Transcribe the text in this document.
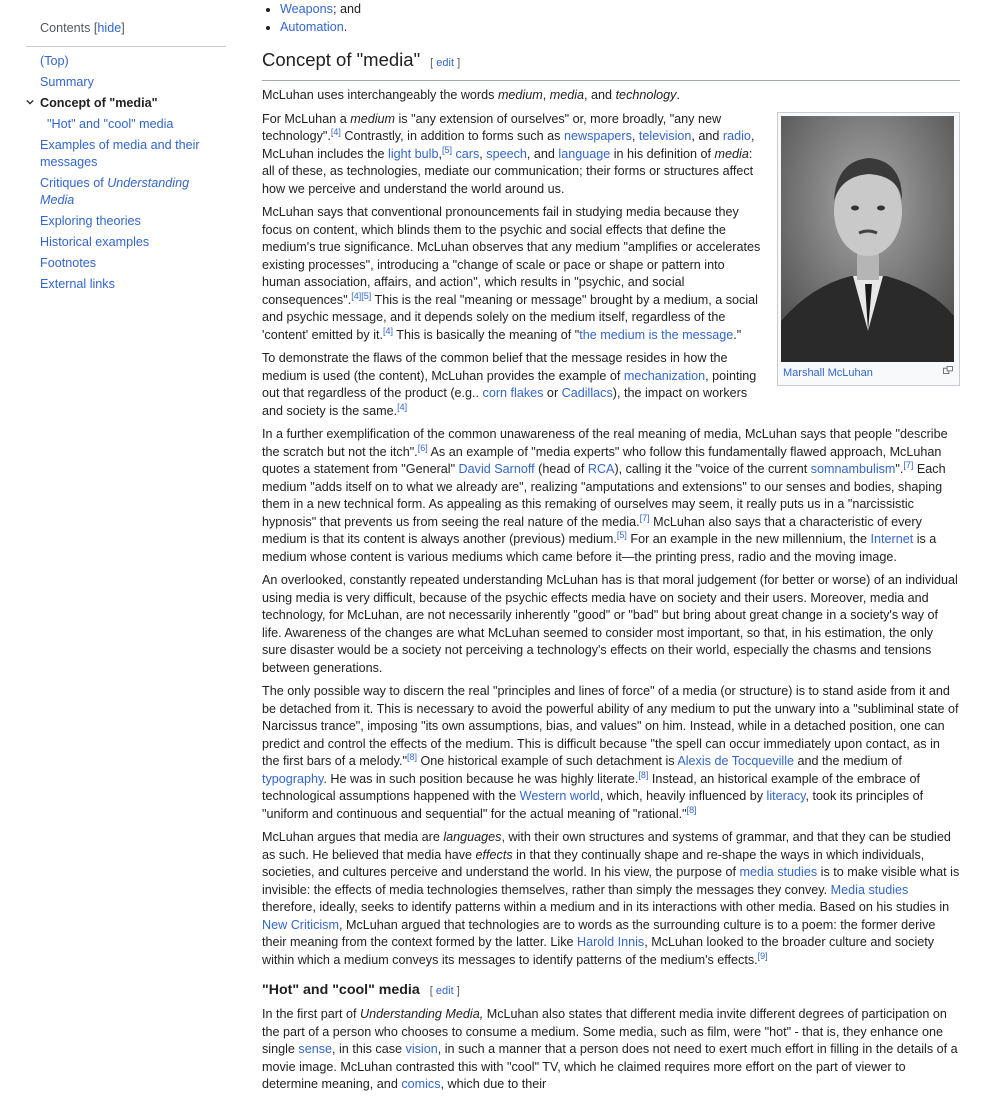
Contents [hide]
(Top)
Summary
Concept of "media"
"Hot" and "cool" media
Examples of media and their messages
Critiques of Understanding Media
Exploring theories
Historical examples
Footnotes
External links
• Weapons; and
• Automation.
Concept of "media" [ edit ]

McLuhan uses interchangeably the words medium, media, and technology.

Marshall McLuhan

For McLuhan a medium is "any extension of ourselves" or, more broadly, "any new technology".[4] Contrastly, in addition to forms such as newspapers, television, and radio, McLuhan includes the light bulb,[5] cars, speech, and language in his definition of media: all of these, as technologies, mediate our communication; their forms or structures affect how we perceive and understand the world around us.

McLuhan says that conventional pronouncements fail in studying media because they focus on content, which blinds them to the psychic and social effects that define the medium's true significance. McLuhan observes that any medium "amplifies or accelerates existing processes", introducing a "change of scale or pace or shape or pattern into human association, affairs, and action", which results in "psychic, and social consequences".[4][5] This is the real "meaning or message" brought by a medium, a social and psychic message, and it depends solely on the medium itself, regardless of the 'content' emitted by it.[4] This is basically the meaning of "the medium is the message."

To demonstrate the flaws of the common belief that the message resides in how the medium is used (the content), McLuhan provides the example of mechanization, pointing out that regardless of the product (e.g.. corn flakes or Cadillacs), the impact on workers and society is the same.[4]

In a further exemplification of the common unawareness of the real meaning of media, McLuhan says that people "describe the scratch but not the itch".[6] As an example of "media experts" who follow this fundamentally flawed approach, McLuhan quotes a statement from "General" David Sarnoff (head of RCA), calling it the "voice of the current somnambulism".[7] Each medium "adds itself on to what we already are", realizing "amputations and extensions" to our senses and bodies, shaping them in a new technical form. As appealing as this remaking of ourselves may seem, it really puts us in a "narcissistic hypnosis" that prevents us from seeing the real nature of the media.[7] McLuhan also says that a characteristic of every medium is that its content is always another (previous) medium.[5] For an example in the new millennium, the Internet is a medium whose content is various mediums which came before it—the printing press, radio and the moving image.

An overlooked, constantly repeated understanding McLuhan has is that moral judgement (for better or worse) of an individual using media is very difficult, because of the psychic effects media have on society and their users. Moreover, media and technology, for McLuhan, are not necessarily inherently "good" or "bad" but bring about great change in a society's way of life. Awareness of the changes are what McLuhan seemed to consider most important, so that, in his estimation, the only sure disaster would be a society not perceiving a technology's effects on their world, especially the chasms and tensions between generations.

The only possible way to discern the real "principles and lines of force" of a media (or structure) is to stand aside from it and be detached from it. This is necessary to avoid the powerful ability of any medium to put the unwary into a "subliminal state of Narcissus trance", imposing "its own assumptions, bias, and values" on him. Instead, while in a detached position, one can predict and control the effects of the medium. This is difficult because "the spell can occur immediately upon contact, as in the first bars of a melody."[8] One historical example of such detachment is Alexis de Tocqueville and the medium of typography. He was in such position because he was highly literate.[8] Instead, an historical example of the embrace of technological assumptions happened with the Western world, which, heavily influenced by literacy, took its principles of "uniform and continuous and sequential" for the actual meaning of "rational."[8]

McLuhan argues that media are languages, with their own structures and systems of grammar, and that they can be studied as such. He believed that media have effects in that they continually shape and re-shape the ways in which individuals, societies, and cultures perceive and understand the world. In his view, the purpose of media studies is to make visible what is invisible: the effects of media technologies themselves, rather than simply the messages they convey. Media studies therefore, ideally, seeks to identify patterns within a medium and in its interactions with other media. Based on his studies in New Criticism, McLuhan argued that technologies are to words as the surrounding culture is to a poem: the former derive their meaning from the context formed by the latter. Like Harold Innis, McLuhan looked to the broader culture and society within which a medium conveys its messages to identify patterns of the medium's effects.[9]

"Hot" and "cool" media [ edit ]

In the first part of Understanding Media, McLuhan also states that different media invite different degrees of participation on the part of a person who chooses to consume a medium. Some media, such as film, were "hot" - that is, they enhance one single sense, in this case vision, in such a manner that a person does not need to exert much effort in filling in the details of a movie image. McLuhan contrasted this with "cool" TV, which he claimed requires more effort on the part of viewer to determine meaning, and comics, which due to their
